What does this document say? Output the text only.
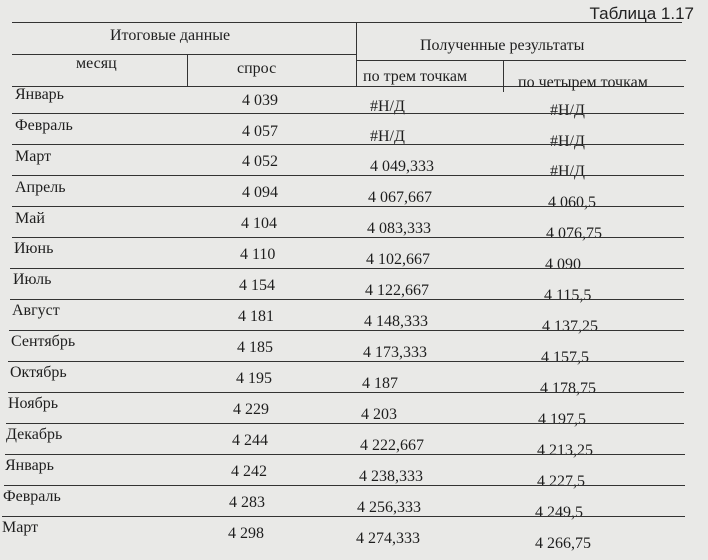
Таблица 1.17
Итоговые данные
Полученные результаты
месяц	спрос	по трем точкам	по четырем точкам
Январь	4 039	#Н/Д	#Н/Д
Февраль	4 057	#Н/Д	#Н/Д
Март	4 052	4 049,333	#Н/Д
Апрель	4 094	4 067,667	4 060,5
Май	4 104	4 083,333	4 076,75
Июнь	4 110	4 102,667	4 090
Июль	4 154	4 122,667	4 115,5
Август	4 181	4 148,333	4 137,25
Сентябрь	4 185	4 173,333	4 157,5
Октябрь	4 195	4 187	4 178,75
Ноябрь	4 229	4 203	4 197,5
Декабрь	4 244	4 222,667	4 213,25
Январь	4 242	4 238,333	4 227,5
Февраль	4 283	4 256,333	4 249,5
Март	4 298	4 274,333	4 266,75
